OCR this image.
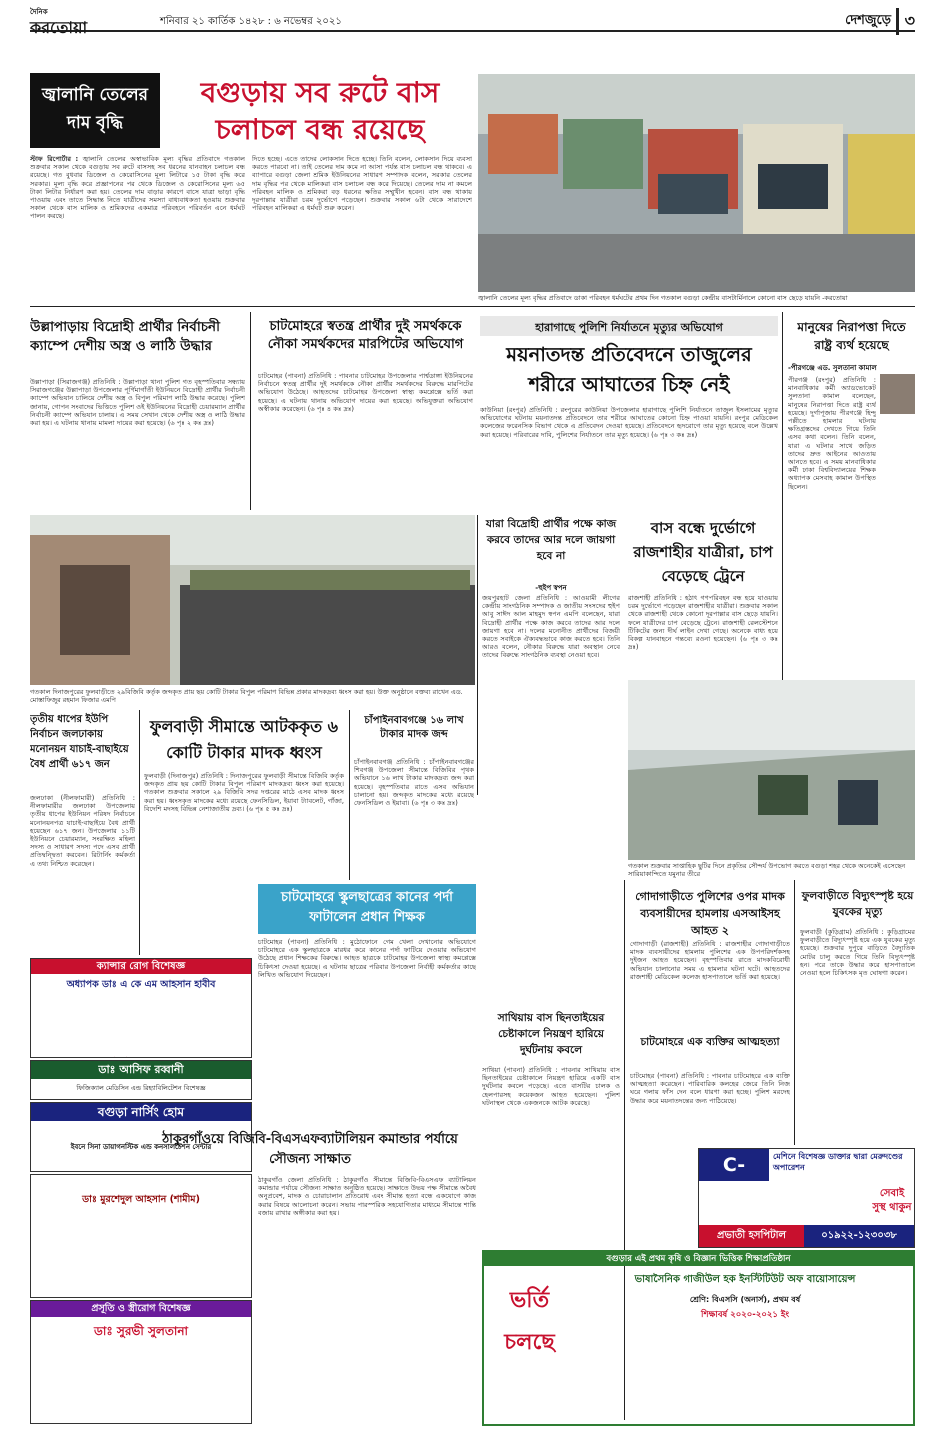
দৈনিক
করতোয়া	শনিবার ২১ কার্তিক ১৪২৮ : ৬ নভেম্বর ২০২১	দেশজুড়ে ৩
জ্বালানি তেলের দাম বৃদ্ধি
বগুড়ায় সব রুটে বাস চলাচল বন্ধ রয়েছে
স্টাফ রিপোর্টার : জ্বালানি তেলের অস্বাভাবিক মূল্য বৃদ্ধির প্রতিবাদে গতকাল শুক্রবার সকাল থেকে বগুড়ায় সব রুটে বাসসহ সব ধরনের যানবাহন চলাচল বন্ধ রয়েছে। গত বুধবার ডিজেল ও কেরোসিনের মূল্য লিটারে ১৫ টাকা বৃদ্ধি করে সরকার। মূল্য বৃদ্ধি করে প্রজ্ঞাপনের পর থেকে ডিজেল ও কেরোসিনের মূল্য ৬৫ টাকা লিটার নির্ধারণ করা হয়। তেলের দাম বাড়ার কারণে বাসে যাত্রা ভাড়া বৃদ্ধি পাওয়ায় এবং তাতে সিদ্ধান্ত নিতে যাত্রীদের সমস্যা বাধ্যবাধকতা হওয়ায় শুক্রবার সকাল থেকে বাস মালিক ও শ্রমিকদের একমাত্র পরিবহনে পরিবর্তন এনে ধর্মঘট পালন করছে।
দিতে হচ্ছে। এতে তাদের লোকসান দিতে হচ্ছে। তিনি বলেন, লোকসান দিয়ে ব্যবসা করতে পারবো না। তাই তেলের দাম কমে না আসা পর্যন্ত বাস চলাচল বন্ধ থাকবে। এ ব্যাপারে বগুড়া জেলা শ্রমিক ইউনিয়নের সাধারণ সম্পাদক বলেন, সরকার তেলের দাম বৃদ্ধির পর থেকে মালিকরা বাস চলাচল বন্ধ করে দিয়েছে। তেলের দাম না কমলে পরিবহন মালিক ও শ্রমিকরা বড় ধরনের ক্ষতির সম্মুখীন হবেন। বাস বন্ধ থাকায় দূরপাল্লার যাত্রীরা চরম দুর্ভোগে পড়েছেন। শুক্রবার সকাল ৬টা থেকে সারাদেশে পরিবহন মালিকরা এ ধর্মঘট শুরু করেন।
জ্বালানি তেলের মূল্য বৃদ্ধির প্রতিবাদে ডাকা পরিবহন ধর্মঘটের প্রথম দিন গতকাল বগুড়া কেন্দ্রীয় বাসটার্মিনালে কোনো বাস ছেড়ে যায়নি -করতোয়া
উল্লাপাড়ায় বিদ্রোহী প্রার্থীর নির্বাচনী ক্যাম্পে দেশীয় অস্ত্র ও লাঠি উদ্ধার
উল্লাপাড়া (সিরাজগঞ্জ) প্রতিনিধি : উল্লাপাড়া থানা পুলিশ গত বৃহস্পতিবার সন্ধ্যায় সিরাজগঞ্জের উল্লাপাড়া উপজেলার পূর্ণিমাগাঁতী ইউনিয়নে বিদ্রোহী প্রার্থীর নির্বাচনী ক্যাম্পে অভিযান চালিয়ে দেশীয় অস্ত্র ও বিপুল পরিমাণ লাঠি উদ্ধার করেছে। পুলিশ জানায়, গোপন সংবাদের ভিত্তিতে পুলিশ ওই ইউনিয়নের বিদ্রোহী চেয়ারম্যান প্রার্থীর নির্বাচনী ক্যাম্পে অভিযান চালায়। এ সময় সেখান থেকে দেশীয় অস্ত্র ও লাঠি উদ্ধার করা হয়। এ ঘটনায় থানায় মামলা দায়ের করা হয়েছে। (৬ পৃঃ ২ কঃ দ্রঃ)
চাটমোহরে স্বতন্ত্র প্রার্থীর দুই সমর্থককে নৌকা সমর্থকদের মারপিটের অভিযোগ
চাটমোহর (পাবনা) প্রতিনিধি : পাবনার চাটমোহর উপজেলার পার্শ্বডাঙ্গা ইউনিয়নের নির্বাচনে স্বতন্ত্র প্রার্থীর দুই সমর্থককে নৌকা প্রার্থীর সমর্থকদের বিরুদ্ধে মারপিটের অভিযোগ উঠেছে। আহতদের চাটমোহর উপজেলা স্বাস্থ্য কমপ্লেক্সে ভর্তি করা হয়েছে। এ ঘটনায় থানায় অভিযোগ দায়ের করা হয়েছে। অভিযুক্তরা অভিযোগ অস্বীকার করেছেন। (৬ পৃঃ ৪ কঃ দ্রঃ)
হারাগাছে পুলিশি নির্যাতনে মৃত্যুর অভিযোগ
ময়নাতদন্ত প্রতিবেদনে তাজুলের শরীরে আঘাতের চিহ্ন নেই
কাউনিয়া (রংপুর) প্রতিনিধি : রংপুরের কাউনিয়া উপজেলার হারাগাছে পুলিশি নির্যাতনে তাজুল ইসলামের মৃত্যুর অভিযোগের ঘটনায় ময়নাতদন্ত প্রতিবেদনে তার শরীরে আঘাতের কোনো চিহ্ন পাওয়া যায়নি। রংপুর মেডিকেল কলেজের ফরেনসিক বিভাগ থেকে এ প্রতিবেদন দেওয়া হয়েছে। প্রতিবেদনে হৃদরোগে তার মৃত্যু হয়েছে বলে উল্লেখ করা হয়েছে। পরিবারের দাবি, পুলিশের নির্যাতনে তার মৃত্যু হয়েছে। (৬ পৃঃ ৩ কঃ দ্রঃ)
মানুষের নিরাপত্তা দিতে রাষ্ট্র ব্যর্থ হয়েছে
-পীরগঞ্জে এড. সুলতানা কামাল
পীরগঞ্জ (রংপুর) প্রতিনিধি : মানবাধিকার কর্মী অ্যাডভোকেট সুলতানা কামাল বলেছেন, মানুষের নিরাপত্তা দিতে রাষ্ট্র ব্যর্থ হয়েছে। দুর্গাপূজায় পীরগঞ্জে হিন্দু পল্লীতে হামলার ঘটনায় ক্ষতিগ্রস্তদের দেখতে গিয়ে তিনি এসব কথা বলেন। তিনি বলেন, যারা এ ঘটনার সাথে জড়িত তাদের দ্রুত আইনের আওতায় আনতে হবে। এ সময় মানবাধিকার কর্মী ঢাকা বিশ্ববিদ্যালয়ের শিক্ষক অধ্যাপক মেসবাহ কামাল উপস্থিত ছিলেন।
গতকাল দিনাজপুরের ফুলবাড়ীতে ২৯বিজিবি কর্তৃক জব্দকৃত প্রায় ছয় কোটি টাকার বিপুল পরিমাণ বিভিন্ন প্রকার মাদকদ্রব্য ধ্বংস করা হয়। উক্ত অনুষ্ঠানে বক্তব্য রাখেন এড. মোস্তাফিজুর রহমান ফিজার এমপি
যারা বিদ্রোহী প্রার্থীর পক্ষে কাজ করবে তাদের আর দলে জায়গা হবে না
-হুইপ স্বপন
জয়পুরহাট জেলা প্রতিনিধি : আওয়ামী লীগের কেন্দ্রীয় সাংগঠনিক সম্পাদক ও জাতীয় সংসদের হুইপ আবু সাঈদ আল মাহমুদ স্বপন এমপি বলেছেন, যারা বিদ্রোহী প্রার্থীর পক্ষে কাজ করবে তাদের আর দলে জায়গা হবে না। দলের মনোনীত প্রার্থীদের বিজয়ী করতে সবাইকে ঐক্যবদ্ধভাবে কাজ করতে হবে। তিনি আরও বলেন, নৌকার বিরুদ্ধে যারা অবস্থান নেবে তাদের বিরুদ্ধে সাংগঠনিক ব্যবস্থা নেওয়া হবে।
বাস বন্ধে দুর্ভোগে রাজশাহীর যাত্রীরা, চাপ বেড়েছে ট্রেনে
রাজশাহী প্রতিনিধি : হঠাৎ গণপরিবহন বন্ধ হয়ে যাওয়ায় চরম দুর্ভোগে পড়েছেন রাজশাহীর যাত্রীরা। শুক্রবার সকাল থেকে রাজশাহী থেকে কোনো দূরপাল্লার বাস ছেড়ে যায়নি। ফলে যাত্রীদের চাপ বেড়েছে ট্রেনে। রাজশাহী রেলস্টেশনে টিকিটের জন্য দীর্ঘ লাইন দেখা গেছে। অনেকে বাধ্য হয়ে বিকল্প যানবাহনে গন্তব্যে রওনা হয়েছেন। (৬ পৃঃ ৩ কঃ দ্রঃ)
গতকাল শুক্রবার সাপ্তাহিক ছুটির দিনে প্রকৃতির সৌন্দর্য উপভোগ করতে বগুড়া শহর থেকে অনেকেই এসেছেন সারিয়াকান্দিতে যমুনার তীরে
তৃতীয় ধাপের ইউপি নির্বাচন জলঢাকায় মনোনয়ন যাচাই-বাছাইয়ে বৈধ প্রার্থী ৬১৭ জন
জলঢাকা (নীলফামারী) প্রতিনিধি : নীলফামারীর জলঢাকা উপজেলায় তৃতীয় ধাপের ইউনিয়ন পরিষদ নির্বাচনে মনোনয়নপত্র যাচাই-বাছাইয়ে বৈধ প্রার্থী হয়েছেন ৬১৭ জন। উপজেলার ১১টি ইউনিয়নে চেয়ারম্যান, সংরক্ষিত মহিলা সদস্য ও সাধারণ সদস্য পদে এসব প্রার্থী প্রতিদ্বন্দ্বিতা করবেন। রিটার্নিং কর্মকর্তা এ তথ্য নিশ্চিত করেছেন।
ফুলবাড়ী সীমান্তে আটককৃত ৬ কোটি টাকার মাদক ধ্বংস
ফুলবাড়ী (দিনাজপুর) প্রতিনিধি : দিনাজপুরের ফুলবাড়ী সীমান্তে বিজিবি কর্তৃক জব্দকৃত প্রায় ছয় কোটি টাকার বিপুল পরিমাণ মাদকদ্রব্য ধ্বংস করা হয়েছে। গতকাল শুক্রবার সকালে ২৯ বিজিবি সদর দপ্তরের মাঠে এসব মাদক ধ্বংস করা হয়। ধ্বংসকৃত মাদকের মধ্যে রয়েছে ফেনসিডিল, ইয়াবা ট্যাবলেট, গাঁজা, বিদেশি মদসহ বিভিন্ন নেশাজাতীয় দ্রব্য। (৬ পৃঃ ৫ কঃ দ্রঃ)
চাঁপাইনবাবগঞ্জে ১৬ লাখ টাকার মাদক জব্দ
চাঁপাইনবাবগঞ্জ প্রতিনিধি : চাঁপাইনবাবগঞ্জের শিবগঞ্জ উপজেলা সীমান্তে বিজিবির পৃথক অভিযানে ১৬ লাখ টাকার মাদকদ্রব্য জব্দ করা হয়েছে। বৃহস্পতিবার রাতে এসব অভিযান চালানো হয়। জব্দকৃত মাদকের মধ্যে রয়েছে ফেনসিডিল ও ইয়াবা। (৬ পৃঃ ৩ কঃ দ্রঃ)
চাটমোহরে স্কুলছাত্রের কানের পর্দা ফাটালেন প্রধান শিক্ষক
চাটমোহর (পাবনা) প্রতিনিধি : মুঠোফোনে গেম খেলা দেখানোর অভিযোগে চাটমোহরে এক স্কুলছাত্রকে মারধর করে কানের পর্দা ফাটিয়ে দেওয়ার অভিযোগ উঠেছে প্রধান শিক্ষকের বিরুদ্ধে। আহত ছাত্রকে চাটমোহর উপজেলা স্বাস্থ্য কমপ্লেক্সে চিকিৎসা দেওয়া হয়েছে। এ ঘটনায় ছাত্রের পরিবার উপজেলা নির্বাহী কর্মকর্তার কাছে লিখিত অভিযোগ দিয়েছেন।
ক্যান্সার রোগ বিশেষজ্ঞ
অধ্যাপক ডাঃ এ কে এম আহসান হাবীব
ডাঃ আসিফ রব্বানী
ফিজিক্যাল মেডিসিন এন্ড রিহ্যাবিলিটেশন বিশেষজ্ঞ
বগুড়া নার্সিং হোম
ইবনে সিনা ডায়াগনস্টিক এন্ড কনসালটেশন সেন্টার
ডাঃ মুরশেদুল আহসান (শামীম)
প্রসূতি ও স্ত্রীরোগ বিশেষজ্ঞ
ডাঃ সুরভী সুলতানা
ঠাকুরগাঁওয়ে বিজিবি-বিএসএফব্যাটালিয়ন কমান্ডার পর্যায়ে সৌজন্য সাক্ষাত
ঠাকুরগাঁও জেলা প্রতিনিধি : ঠাকুরগাঁও সীমান্তে বিজিবি-বিএসএফ ব্যাটালিয়ন কমান্ডার পর্যায়ে সৌজন্য সাক্ষাত অনুষ্ঠিত হয়েছে। সাক্ষাতে উভয় পক্ষ সীমান্তে অবৈধ অনুপ্রবেশ, মাদক ও চোরাচালান প্রতিরোধ এবং সীমান্ত হত্যা বন্ধে একযোগে কাজ করার বিষয়ে আলোচনা করেন। সভায় পারস্পরিক সহযোগিতার মাধ্যমে সীমান্তে শান্তি বজায় রাখার অঙ্গীকার করা হয়।
সাথিয়ায় বাস ছিনতাইয়ের চেষ্টাকালে নিয়ন্ত্রণ হারিয়ে দুর্ঘটনায় কবলে
সাথিয়া (পাবনা) প্রতিনিধি : পাবনার সাথিয়ায় বাস ছিনতাইয়ের চেষ্টাকালে নিয়ন্ত্রণ হারিয়ে একটি বাস দুর্ঘটনার কবলে পড়েছে। এতে বাসটির চালক ও হেলপারসহ কয়েকজন আহত হয়েছেন। পুলিশ ঘটনাস্থল থেকে একজনকে আটক করেছে।
গোদাগাড়ীতে পুলিশের ওপর মাদক ব্যবসায়ীদের হামলায় এসআইসহ আহত ২
গোদাগাড়ী (রাজশাহী) প্রতিনিধি : রাজশাহীর গোদাগাড়ীতে মাদক ব্যবসায়ীদের হামলায় পুলিশের এক উপপরিদর্শকসহ দুইজন আহত হয়েছেন। বৃহস্পতিবার রাতে মাদকবিরোধী অভিযান চালানোর সময় এ হামলার ঘটনা ঘটে। আহতদের রাজশাহী মেডিকেল কলেজ হাসপাতালে ভর্তি করা হয়েছে।
চাটমোহরে এক ব্যক্তির আত্মহত্যা
চাটমোহর (পাবনা) প্রতিনিধি : পাবনার চাটমোহরে এক ব্যক্তি আত্মহত্যা করেছেন। পারিবারিক কলহের জেরে তিনি নিজ ঘরে গলায় ফাঁস দেন বলে ধারণা করা হচ্ছে। পুলিশ মরদেহ উদ্ধার করে ময়নাতদন্তের জন্য পাঠিয়েছে।
ফুলবাড়ীতে বিদ্যুৎস্পৃষ্ট হয়ে যুবকের মৃত্যু
ফুলবাড়ী (কুড়িগ্রাম) প্রতিনিধি : কুড়িগ্রামের ফুলবাড়ীতে বিদ্যুৎস্পৃষ্ট হয়ে এক যুবকের মৃত্যু হয়েছে। শুক্রবার দুপুরে বাড়িতে বৈদ্যুতিক মোটর চালু করতে গিয়ে তিনি বিদ্যুৎস্পৃষ্ট হন। পরে তাকে উদ্ধার করে হাসপাতালে নেওয়া হলে চিকিৎসক মৃত ঘোষণা করেন।
C-ARM
মেশিনে বিশেষজ্ঞ ডাক্তার দ্বারা মেরুদণ্ডের অপারেশন
সেবাই সুস্থ থাকুন
প্রভাতী হসপিটাল	০১৯২২-১২৩০৩৮
বগুড়ার এই প্রথম কৃষি ও বিজ্ঞান ভিত্তিক শিক্ষাপ্রতিষ্ঠান
ভর্তি চলছে
ভাষাসৈনিক গাজীউল হক ইনস্টিটিউট অফ বায়োসায়েন্স
শ্রেণি: বিএসসি (অনার্স), প্রথম বর্ষ
শিক্ষাবর্ষ ২০২০-২০২১ ইং
